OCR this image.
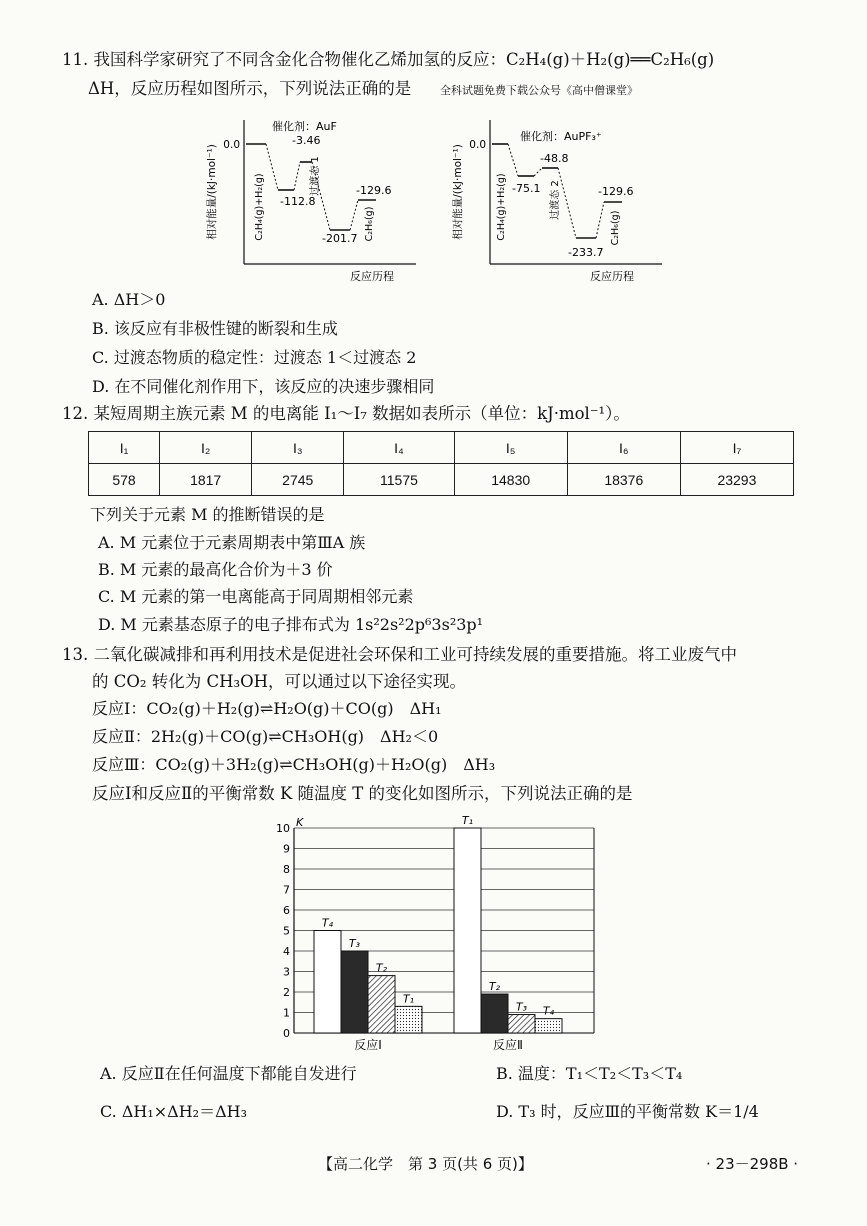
11. 我国科学家研究了不同含金化合物催化乙烯加氢的反应：C₂H₄(g)＋H₂(g)══C₂H₆(g)
ΔH，反应历程如图所示，下列说法正确的是	全科试题免费下载公众号《高中僧课堂》
相对能量/(kJ·mol⁻¹) 0.0
催化剂：AuF
C₂H₄(g)+H₂(g) -112.8
-3.46
过渡态 1
-201.7 C₂H₆(g)
-129.6
反应历程
相对能量/(kJ·mol⁻¹) 0.0
催化剂：AuPF₃⁺
C₂H₄(g)+H₂(g) -75.1
-48.8
过渡态 2
-233.7
C₂H₆(g)
-129.6
反应历程
A. ΔH＞0
B. 该反应有非极性键的断裂和生成
C. 过渡态物质的稳定性：过渡态 1＜过渡态 2
D. 在不同催化剂作用下，该反应的决速步骤相同
12. 某短周期主族元素 M 的电离能 I₁～I₇ 数据如表所示（单位：kJ·mol⁻¹）。
I₁	I₂	I₃	I₄	I₅	I₆	I₇
578	1817	2745	11575	14830	18376	23293
下列关于元素 M 的推断错误的是
A. M 元素位于元素周期表中第ⅢA 族
B. M 元素的最高化合价为＋3 价
C. M 元素的第一电离能高于同周期相邻元素
D. M 元素基态原子的电子排布式为 1s²2s²2p⁶3s²3p¹
13. 二氧化碳减排和再利用技术是促进社会环保和工业可持续发展的重要措施。将工业废气中
的 CO₂ 转化为 CH₃OH，可以通过以下途径实现。
反应Ⅰ：CO₂(g)＋H₂(g)⇌H₂O(g)＋CO(g)　ΔH₁
反应Ⅱ：2H₂(g)＋CO(g)⇌CH₃OH(g)　ΔH₂＜0
反应Ⅲ：CO₂(g)＋3H₂(g)⇌CH₃OH(g)＋H₂O(g)　ΔH₃
反应Ⅰ和反应Ⅱ的平衡常数 K 随温度 T 的变化如图所示，下列说法正确的是
0
1
2
3
4
5
6
7
8
9
10 K
T₄
T₃
T₂
T₁
反应Ⅰ
T₁
T₂
T₃ T₄
反应Ⅱ
A. 反应Ⅱ在任何温度下都能自发进行	B. 温度：T₁＜T₂＜T₃＜T₄
C. ΔH₁×ΔH₂＝ΔH₃	D. T₃ 时，反应Ⅲ的平衡常数 K＝1/4
【高二化学　第 3 页(共 6 页)】	· 23－298B ·
